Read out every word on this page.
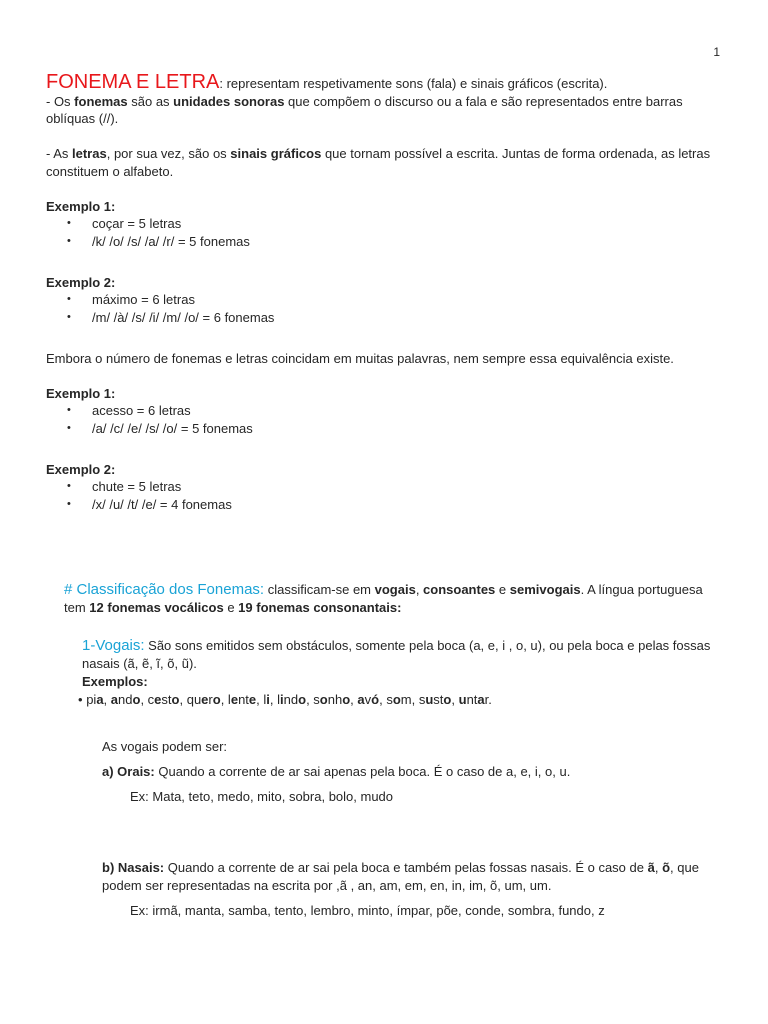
1

FONEMA E LETRA: representam respetivamente sons (fala) e sinais gráficos (escrita).

- Os fonemas são as unidades sonoras que compõem o discurso ou a fala e são representados entre barras oblíquas (//).

- As letras, por sua vez, são os sinais gráficos que tornam possível a escrita. Juntas de forma ordenada, as letras constituem o alfabeto.

Exemplo 1:

• coçar = 5 letras
• /k/ /o/ /s/ /a/ /r/ = 5 fonemas

Exemplo 2:

• máximo = 6 letras
• /m/ /à/ /s/ /i/ /m/ /o/ = 6 fonemas

Embora o número de fonemas e letras coincidam em muitas palavras, nem sempre essa equivalência existe.

Exemplo 1:

• acesso = 6 letras
• /a/ /c/ /e/ /s/ /o/ = 5 fonemas

Exemplo 2:

• chute = 5 letras
• /x/ /u/ /t/ /e/ = 4 fonemas
# Classificação dos Fonemas: classificam-se em vogais, consoantes e semivogais. A língua portuguesa tem 12 fonemas vocálicos e 19 fonemas consonantais:
1-Vogais: São sons emitidos sem obstáculos, somente pela boca (a, e, i , o, u), ou pela boca e pelas fossas nasais (ã, ẽ, ĩ, õ, ũ).
Exemplos:
• pia, ando, cesto, quero, lente, li, lindo, sonho, avó, som, susto, untar.
As vogais podem ser:
a) Orais: Quando a corrente de ar sai apenas pela boca. É o caso de a, e, i, o, u.
Ex: Mata, teto, medo, mito, sobra, bolo, mudo
b) Nasais: Quando a corrente de ar sai pela boca e também pelas fossas nasais. É o caso de ã, õ, que podem ser representadas na escrita por ,ã , an, am, em, en, in, im, õ, um, um.
Ex: irmã, manta, samba, tento, lembro, minto, ímpar, põe, conde, sombra, fundo, z
